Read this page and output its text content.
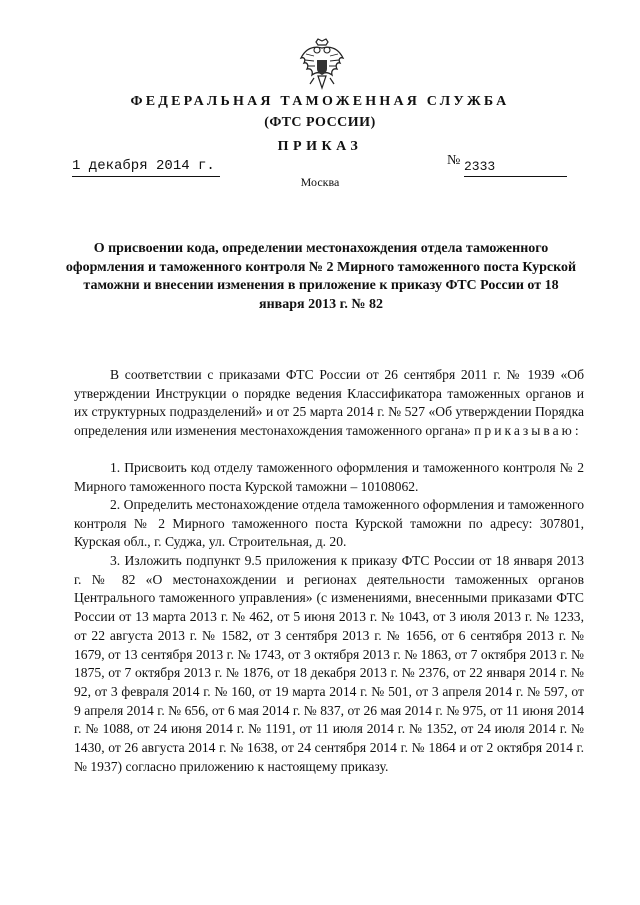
ФЕДЕРАЛЬНАЯ ТАМОЖЕННАЯ СЛУЖБА
(ФТС РОССИИ)
ПРИКАЗ
1 декабря 2014 г.	№ 2333
Москва
О присвоении кода, определении местонахождения отдела таможенного оформления и таможенного контроля № 2 Мирного таможенного поста Курской таможни и внесении изменения в приложение к приказу ФТС России от 18 января 2013 г. № 82
В соответствии с приказами ФТС России от 26 сентября 2011 г. № 1939 «Об утверждении Инструкции о порядке ведения Классификатора таможенных органов и их структурных подразделений» и от 25 марта 2014 г. № 527 «Об утверждении Порядка определения или изменения местонахождения таможенного органа» приказываю:
1. Присвоить код отделу таможенного оформления и таможенного контроля № 2 Мирного таможенного поста Курской таможни – 10108062.
2. Определить местонахождение отдела таможенного оформления и таможенного контроля № 2 Мирного таможенного поста Курской таможни по адресу: 307801, Курская обл., г. Суджа, ул. Строительная, д. 20.
3. Изложить подпункт 9.5 приложения к приказу ФТС России от 18 января 2013 г. № 82 «О местонахождении и регионах деятельности таможенных органов Центрального таможенного управления» (с изменениями, внесенными приказами ФТС России от 13 марта 2013 г. № 462, от 5 июня 2013 г. № 1043, от 3 июля 2013 г. № 1233, от 22 августа 2013 г. № 1582, от 3 сентября 2013 г. № 1656, от 6 сентября 2013 г. № 1679, от 13 сентября 2013 г. № 1743, от 3 октября 2013 г. № 1863, от 7 октября 2013 г. № 1875, от 7 октября 2013 г. № 1876, от 18 декабря 2013 г. № 2376, от 22 января 2014 г. № 92, от 3 февраля 2014 г. № 160, от 19 марта 2014 г. № 501, от 3 апреля 2014 г. № 597, от 9 апреля 2014 г. № 656, от 6 мая 2014 г. № 837, от 26 мая 2014 г. № 975, от 11 июня 2014 г. № 1088, от 24 июня 2014 г. № 1191, от 11 июля 2014 г. № 1352, от 24 июля 2014 г. № 1430, от 26 августа 2014 г. № 1638, от 24 сентября 2014 г. № 1864 и от 2 октября 2014 г. № 1937) согласно приложению к настоящему приказу.
